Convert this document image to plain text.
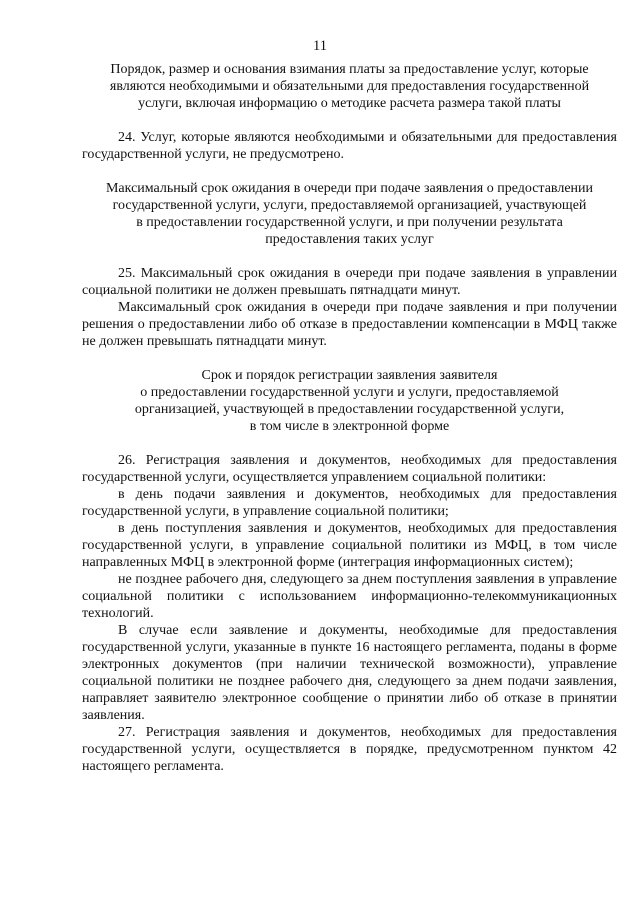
11

Порядок, размер и основания взимания платы за предоставление услуг, которые
являются необходимыми и обязательными для предоставления государственной
услуги, включая информацию о методике расчета размера такой платы

24. Услуг, которые являются необходимыми и обязательными для предоставления государственной услуги, не предусмотрено.

Максимальный срок ожидания в очереди при подаче заявления о предоставлении
государственной услуги, услуги, предоставляемой организацией, участвующей
в предоставлении государственной услуги, и при получении результата
предоставления таких услуг

25. Максимальный срок ожидания в очереди при подаче заявления в управлении социальной политики не должен превышать пятнадцати минут.

Максимальный срок ожидания в очереди при подаче заявления и при получении решения о предоставлении либо об отказе в предоставлении компенсации в МФЦ также не должен превышать пятнадцати минут.

Срок и порядок регистрации заявления заявителя
о предоставлении государственной услуги и услуги, предоставляемой
организацией, участвующей в предоставлении государственной услуги,
в том числе в электронной форме

26. Регистрация заявления и документов, необходимых для предоставления государственной услуги, осуществляется управлением социальной политики:

в день подачи заявления и документов, необходимых для предоставления государственной услуги, в управление социальной политики;

в день поступления заявления и документов, необходимых для предоставления государственной услуги, в управление социальной политики из МФЦ, в том числе направленных МФЦ в электронной форме (интеграция информационных систем);

не позднее рабочего дня, следующего за днем поступления заявления в управление социальной политики с использованием информационно-телекоммуникационных технологий.

В случае если заявление и документы, необходимые для предоставления государственной услуги, указанные в пункте 16 настоящего регламента, поданы в форме электронных документов (при наличии технической возможности), управление социальной политики не позднее рабочего дня, следующего за днем подачи заявления, направляет заявителю электронное сообщение о принятии либо об отказе в принятии заявления.

27. Регистрация заявления и документов, необходимых для предоставления государственной услуги, осуществляется в порядке, предусмотренном пунктом 42 настоящего регламента.
